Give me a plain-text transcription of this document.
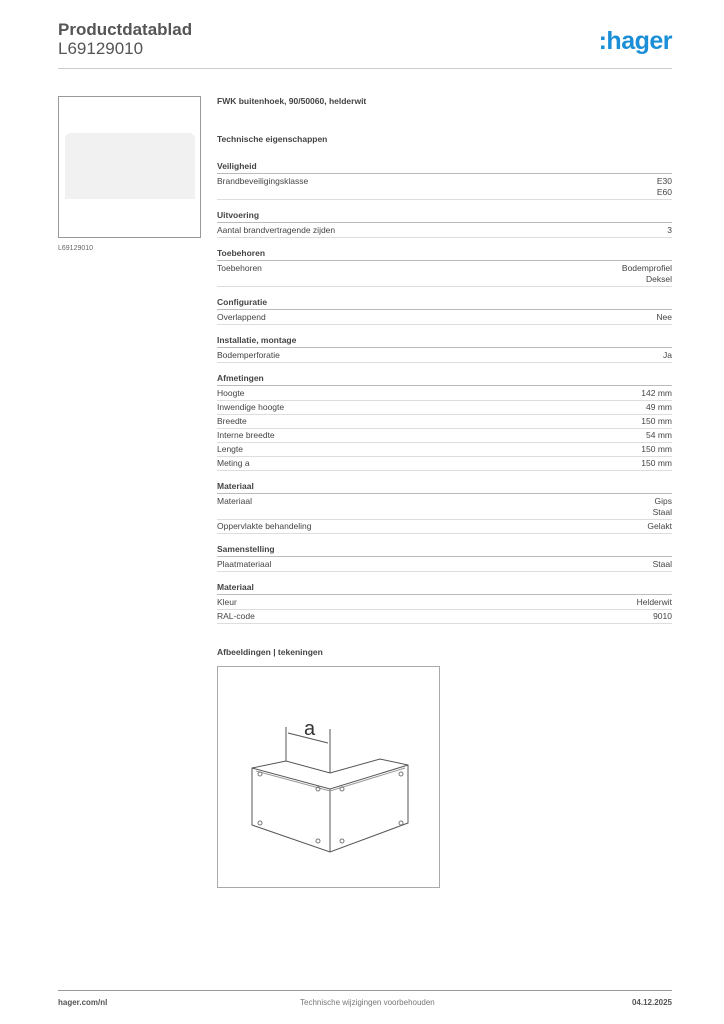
Productdatablad
L69129010	:hager
L69129010
FWK buitenhoek, 90/50060, helderwit
Technische eigenschappen
Veiligheid
Brandbeveiligingsklasse	E30
E60
Uitvoering
Aantal brandvertragende zijden	3
Toebehoren
Toebehoren	Bodemprofiel
Deksel
Configuratie
Overlappend	Nee
Installatie, montage
Bodemperforatie	Ja
Afmetingen
Hoogte	142 mm
Inwendige hoogte	49 mm
Breedte	150 mm
Interne breedte	54 mm
Lengte	150 mm
Meting a	150 mm
Materiaal
Materiaal	Gips
Staal
Oppervlakte behandeling	Gelakt
Samenstelling
Plaatmateriaal	Staal
Materiaal
Kleur	Helderwit
RAL-code	9010
Afbeeldingen | tekeningen
a
hager.com/nl	Technische wijzigingen voorbehouden	04.12.2025
